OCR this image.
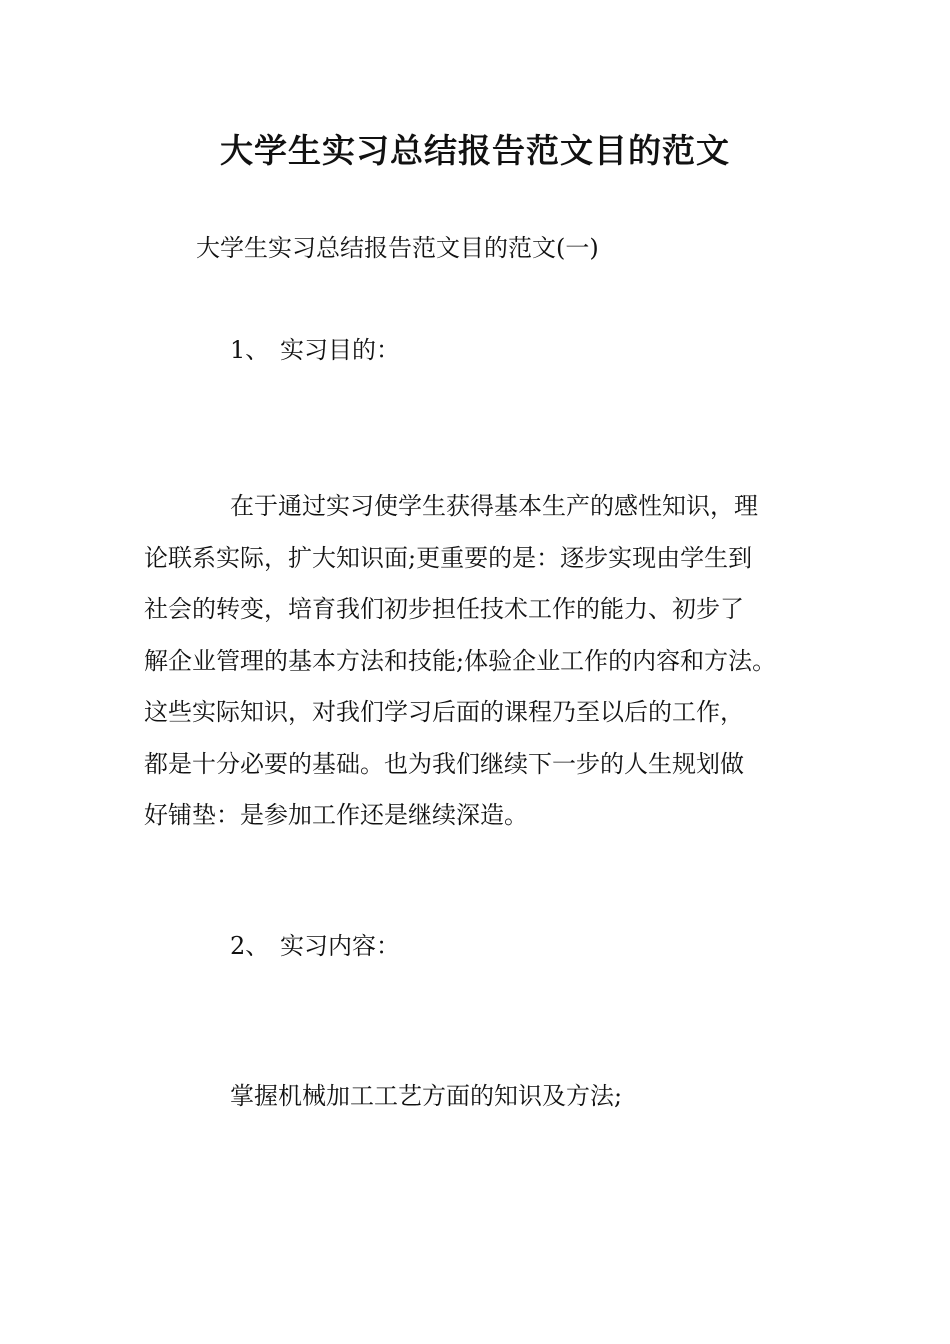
大学生实习总结报告范文目的范文
大学生实习总结报告范文目的范文(一)
1、 实习目的：
在于通过实习使学生获得基本生产的感性知识，理
论联系实际，扩大知识面;更重要的是：逐步实现由学生到
社会的转变，培育我们初步担任技术工作的能力、初步了
解企业管理的基本方法和技能;体验企业工作的内容和方法。
这些实际知识，对我们学习后面的课程乃至以后的工作，
都是十分必要的基础。也为我们继续下一步的人生规划做
好铺垫：是参加工作还是继续深造。
2、 实习内容：
掌握机械加工工艺方面的知识及方法;
